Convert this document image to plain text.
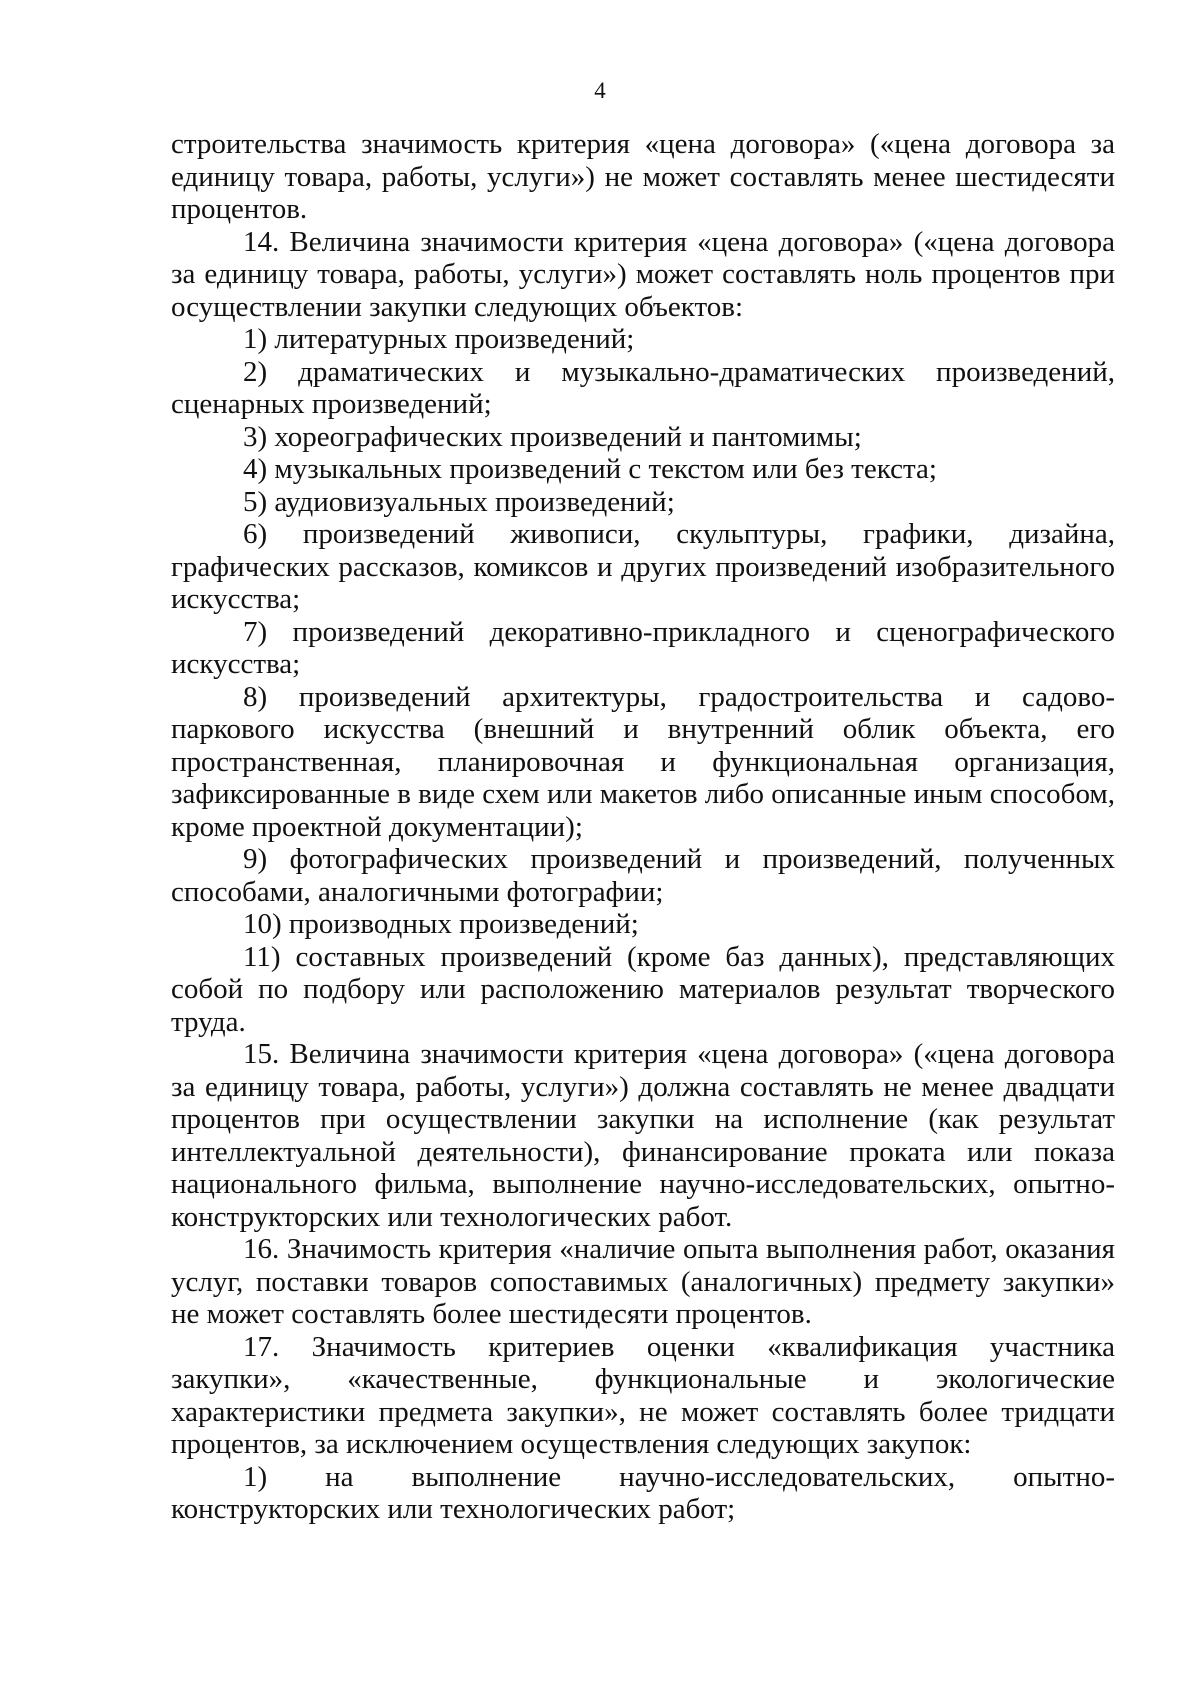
4

строительства значимость критерия «цена договора» («цена договора за единицу товара, работы, услуги») не может составлять менее шестидесяти процентов.

14. Величина значимости критерия «цена договора» («цена договора за единицу товара, работы, услуги») может составлять ноль процентов при осуществлении закупки следующих объектов:

1) литературных произведений;

2) драматических и музыкально-драматических произведений, сценарных произведений;

3) хореографических произведений и пантомимы;

4) музыкальных произведений с текстом или без текста;

5) аудиовизуальных произведений;

6) произведений живописи, скульптуры, графики, дизайна, графических рассказов, комиксов и других произведений изобразительного искусства;

7) произведений декоративно-прикладного и сценографического искусства;

8) произведений архитектуры, градостроительства и садово-паркового искусства (внешний и внутренний облик объекта, его пространственная, планировочная и функциональная организация, зафиксированные в виде схем или макетов либо описанные иным способом, кроме проектной документации);

9) фотографических произведений и произведений, полученных способами, аналогичными фотографии;

10) производных произведений;

11) составных произведений (кроме баз данных), представляющих собой по подбору или расположению материалов результат творческого труда.

15. Величина значимости критерия «цена договора» («цена договора за единицу товара, работы, услуги») должна составлять не менее двадцати процентов при осуществлении закупки на исполнение (как результат интеллектуальной деятельности), финансирование проката или показа национального фильма, выполнение научно-исследовательских, опытно-конструкторских или технологических работ.

16. Значимость критерия «наличие опыта выполнения работ, оказания услуг, поставки товаров сопоставимых (аналогичных) предмету закупки» не может составлять более шестидесяти процентов.

17. Значимость критериев оценки «квалификация участника закупки», «качественные, функциональные и экологические характеристики предмета закупки», не может составлять более тридцати процентов, за исключением осуществления следующих закупок:

1) на выполнение научно-исследовательских, опытно-конструкторских или технологических работ;
